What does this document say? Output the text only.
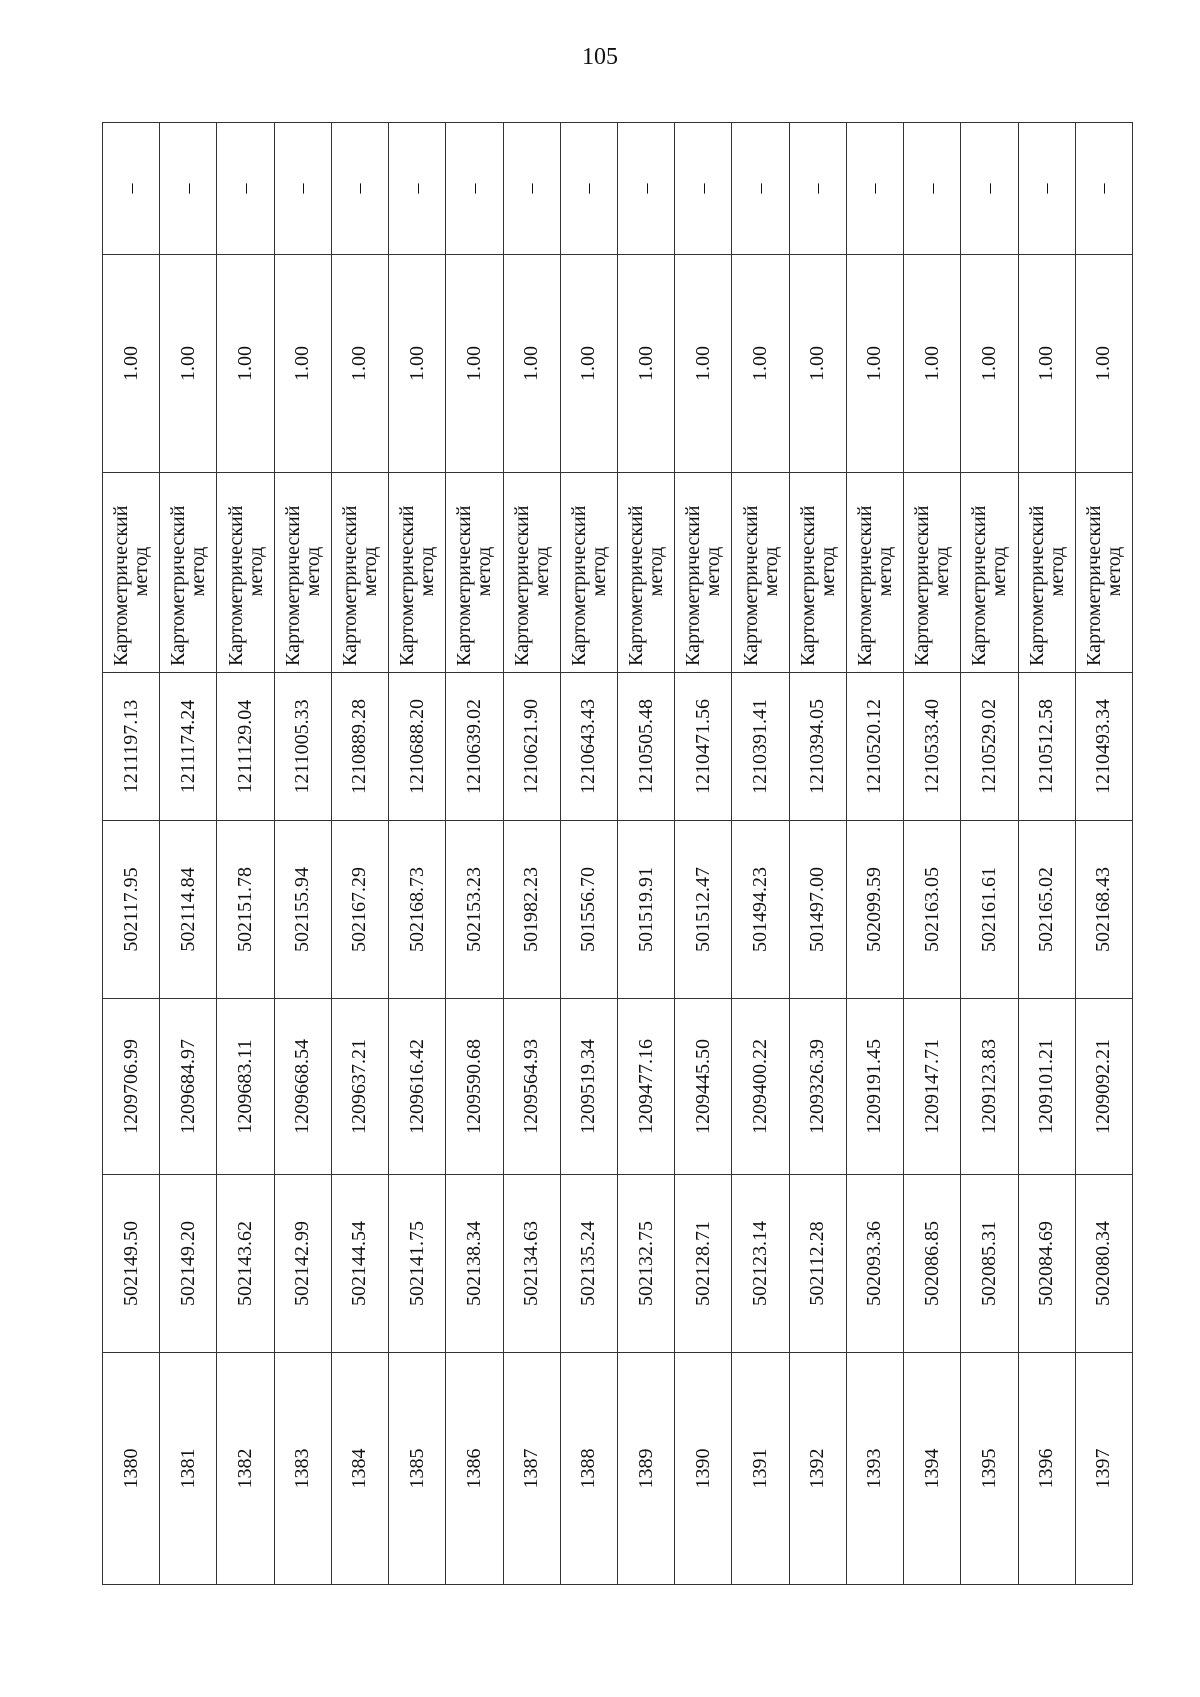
105
1380	502149.50	1209706.99	502117.95	1211197.13	Картометрический
метод	1.00	–
1381	502149.20	1209684.97	502114.84	1211174.24	Картометрический
метод	1.00	–
1382	502143.62	1209683.11	502151.78	1211129.04	Картометрический
метод	1.00	–
1383	502142.99	1209668.54	502155.94	1211005.33	Картометрический
метод	1.00	–
1384	502144.54	1209637.21	502167.29	1210889.28	Картометрический
метод	1.00	–
1385	502141.75	1209616.42	502168.73	1210688.20	Картометрический
метод	1.00	–
1386	502138.34	1209590.68	502153.23	1210639.02	Картометрический
метод	1.00	–
1387	502134.63	1209564.93	501982.23	1210621.90	Картометрический
метод	1.00	–
1388	502135.24	1209519.34	501556.70	1210643.43	Картометрический
метод	1.00	–
1389	502132.75	1209477.16	501519.91	1210505.48	Картометрический
метод	1.00	–
1390	502128.71	1209445.50	501512.47	1210471.56	Картометрический
метод	1.00	–
1391	502123.14	1209400.22	501494.23	1210391.41	Картометрический
метод	1.00	–
1392	502112.28	1209326.39	501497.00	1210394.05	Картометрический
метод	1.00	–
1393	502093.36	1209191.45	502099.59	1210520.12	Картометрический
метод	1.00	–
1394	502086.85	1209147.71	502163.05	1210533.40	Картометрический
метод	1.00	–
1395	502085.31	1209123.83	502161.61	1210529.02	Картометрический
метод	1.00	–
1396	502084.69	1209101.21	502165.02	1210512.58	Картометрический
метод	1.00	–
1397	502080.34	1209092.21	502168.43	1210493.34	Картометрический
метод	1.00	–
